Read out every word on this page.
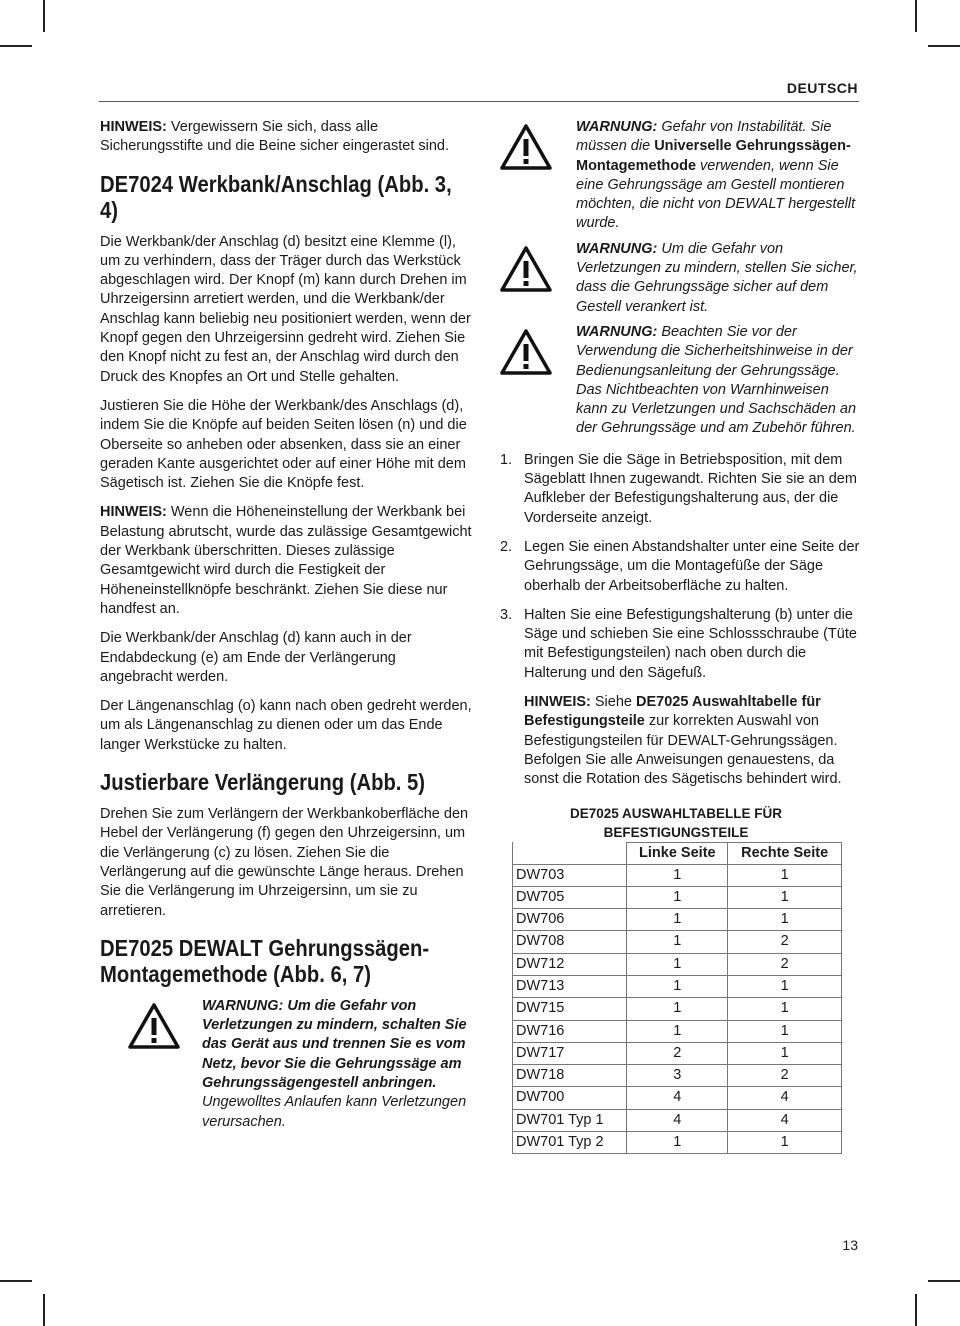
DEUTSCH

HINWEIS: Vergewissern Sie sich, dass alle Sicherungsstifte und die Beine sicher eingerastet sind.

DE7024 Werkbank/Anschlag (Abb. 3, 4)

Die Werkbank/der Anschlag (d) besitzt eine Klemme (l), um zu verhindern, dass der Träger durch das Werkstück abgeschlagen wird. Der Knopf (m) kann durch Drehen im Uhrzeigersinn arretiert werden, und die Werkbank/der Anschlag kann beliebig neu positioniert werden, wenn der Knopf gegen den Uhrzeigersinn gedreht wird. Ziehen Sie den Knopf nicht zu fest an, der Anschlag wird durch den Druck des Knopfes an Ort und Stelle gehalten.

Justieren Sie die Höhe der Werkbank/des Anschlags (d), indem Sie die Knöpfe auf beiden Seiten lösen (n) und die Oberseite so anheben oder absenken, dass sie an einer geraden Kante ausgerichtet oder auf einer Höhe mit dem Sägetisch ist. Ziehen Sie die Knöpfe fest.

HINWEIS: Wenn die Höheneinstellung der Werkbank bei Belastung abrutscht, wurde das zulässige Gesamtgewicht der Werkbank überschritten. Dieses zulässige Gesamtgewicht wird durch die Festigkeit der Höheneinstellknöpfe beschränkt. Ziehen Sie diese nur handfest an.

Die Werkbank/der Anschlag (d) kann auch in der Endabdeckung (e) am Ende der Verlängerung angebracht werden.

Der Längenanschlag (o) kann nach oben gedreht werden, um als Längenanschlag zu dienen oder um das Ende langer Werkstücke zu halten.

Justierbare Verlängerung (Abb. 5)

Drehen Sie zum Verlängern der Werkbankoberfläche den Hebel der Verlängerung (f) gegen den Uhrzeigersinn, um die Verlängerung (c) zu lösen. Ziehen Sie die Verlängerung auf die gewünschte Länge heraus. Drehen Sie die Verlängerung im Uhrzeigersinn, um sie zu arretieren.

DE7025 DEWALT Gehrungssägen-Montagemethode (Abb. 6, 7)
WARNUNG: Um die Gefahr von Verletzungen zu mindern, schalten Sie das Gerät aus und trennen Sie es vom Netz, bevor Sie die Gehrungssäge am Gehrungssägengestell anbringen. Ungewolltes Anlaufen kann Verletzungen verursachen.
WARNUNG: Gefahr von Instabilität. Sie müssen die Universelle Gehrungssägen-Montagemethode verwenden, wenn Sie eine Gehrungssäge am Gestell montieren möchten, die nicht von DEWALT hergestellt wurde.
WARNUNG: Um die Gefahr von Verletzungen zu mindern, stellen Sie sicher, dass die Gehrungssäge sicher auf dem Gestell verankert ist.
WARNUNG: Beachten Sie vor der Verwendung die Sicherheitshinweise in der Bedienungsanleitung der Gehrungssäge. Das Nichtbeachten von Warnhinweisen kann zu Verletzungen und Sachschäden an der Gehrungssäge und am Zubehör führen.
1. Bringen Sie die Säge in Betriebsposition, mit dem Sägeblatt Ihnen zugewandt. Richten Sie sie an dem Aufkleber der Befestigungshalterung aus, der die Vorderseite anzeigt.
2. Legen Sie einen Abstandshalter unter eine Seite der Gehrungssäge, um die Montagefüße der Säge oberhalb der Arbeitsoberfläche zu halten.
3. Halten Sie eine Befestigungshalterung (b) unter die Säge und schieben Sie eine Schlossschraube (Tüte mit Befestigungsteilen) nach oben durch die Halterung und den Sägefuß.

HINWEIS: Siehe DE7025 Auswahltabelle für Befestigungsteile zur korrekten Auswahl von Befestigungsteilen für DEWALT-Gehrungssägen. Befolgen Sie alle Anweisungen genauestens, da sonst die Rotation des Sägetischs behindert wird.

DE7025 AUSWAHLTABELLE FÜR
BEFESTIGUNGSTEILE
	Linke Seite	Rechte Seite
DW703	1	1
DW705	1	1
DW706	1	1
DW708	1	2
DW712	1	2
DW713	1	1
DW715	1	1
DW716	1	1
DW717	2	1
DW718	3	2
DW700	4	4
DW701 Typ 1	4	4
DW701 Typ 2	1	1
13
